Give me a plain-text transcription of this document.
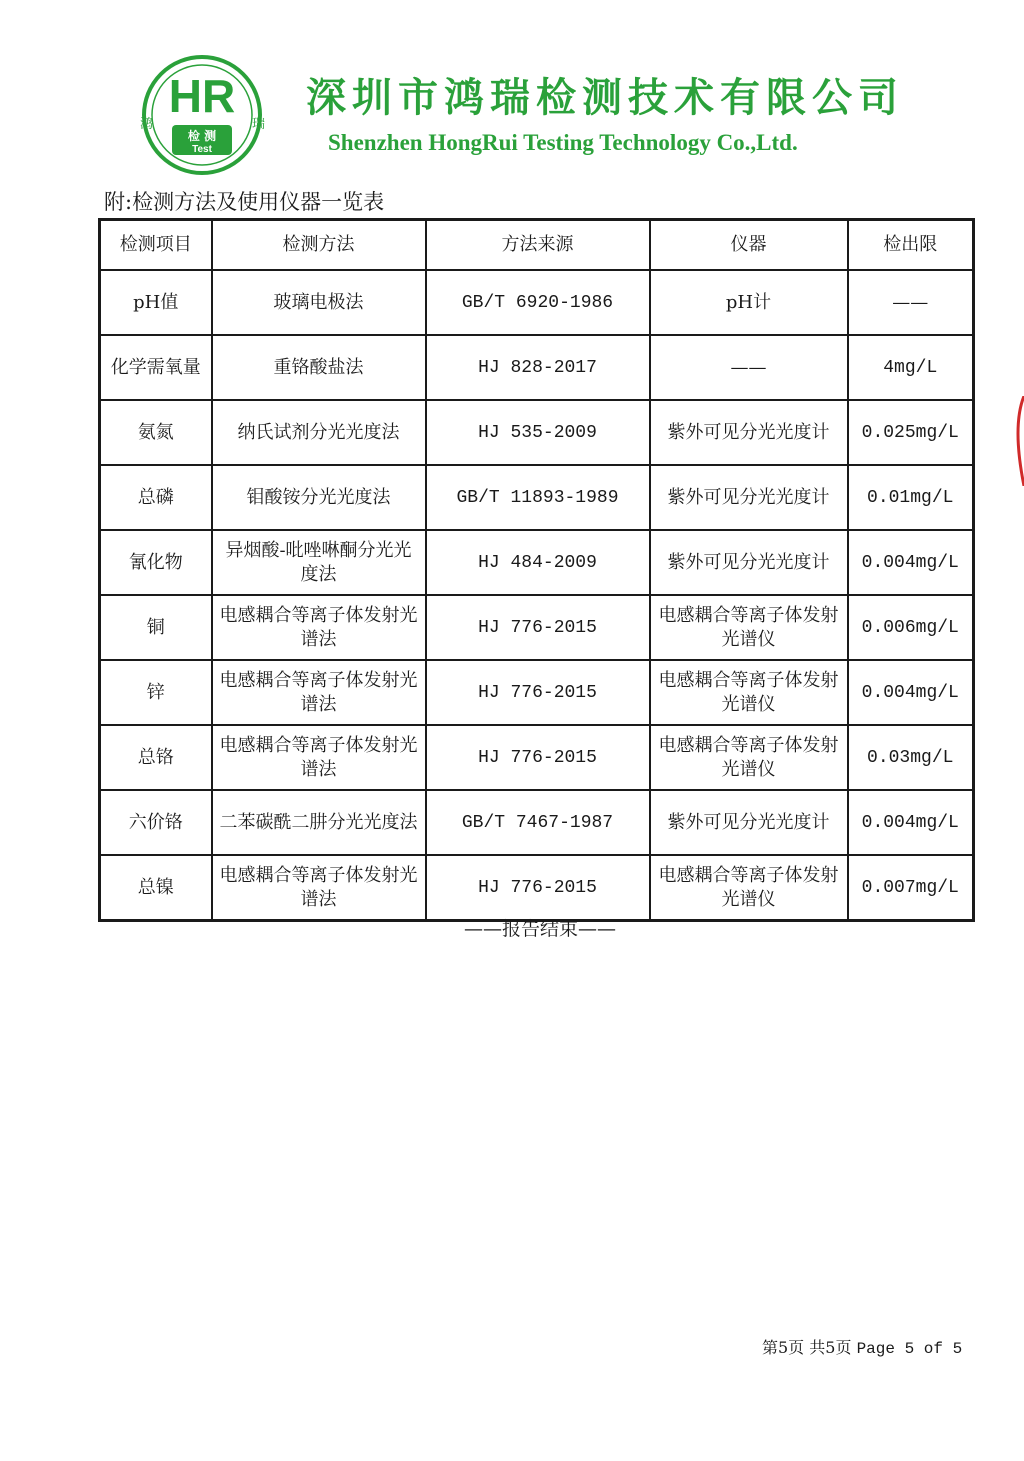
HR
检 测
Test
鸿	瑞
深圳市鸿瑞检测技术有限公司
Shenzhen HongRui Testing Technology Co.,Ltd.
附:检测方法及使用仪器一览表
检测项目	检测方法	方法来源	仪器	检出限
pH值	玻璃电极法	GB/T 6920-1986	pH计	——
化学需氧量	重铬酸盐法	HJ 828-2017	——	4mg/L
氨氮	纳氏试剂分光光度法	HJ 535-2009	紫外可见分光光度计	0.025mg/L
总磷	钼酸铵分光光度法	GB/T 11893-1989	紫外可见分光光度计	0.01mg/L
氰化物	异烟酸-吡唑啉酮分光光度法	HJ 484-2009	紫外可见分光光度计	0.004mg/L
铜	电感耦合等离子体发射光谱法	HJ 776-2015	电感耦合等离子体发射光谱仪	0.006mg/L
锌	电感耦合等离子体发射光谱法	HJ 776-2015	电感耦合等离子体发射光谱仪	0.004mg/L
总铬	电感耦合等离子体发射光谱法	HJ 776-2015	电感耦合等离子体发射光谱仪	0.03mg/L
六价铬	二苯碳酰二肼分光光度法	GB/T 7467-1987	紫外可见分光光度计	0.004mg/L
总镍	电感耦合等离子体发射光谱法	HJ 776-2015	电感耦合等离子体发射光谱仪	0.007mg/L
——报告结束——
第5页 共5页 Page 5 of 5
